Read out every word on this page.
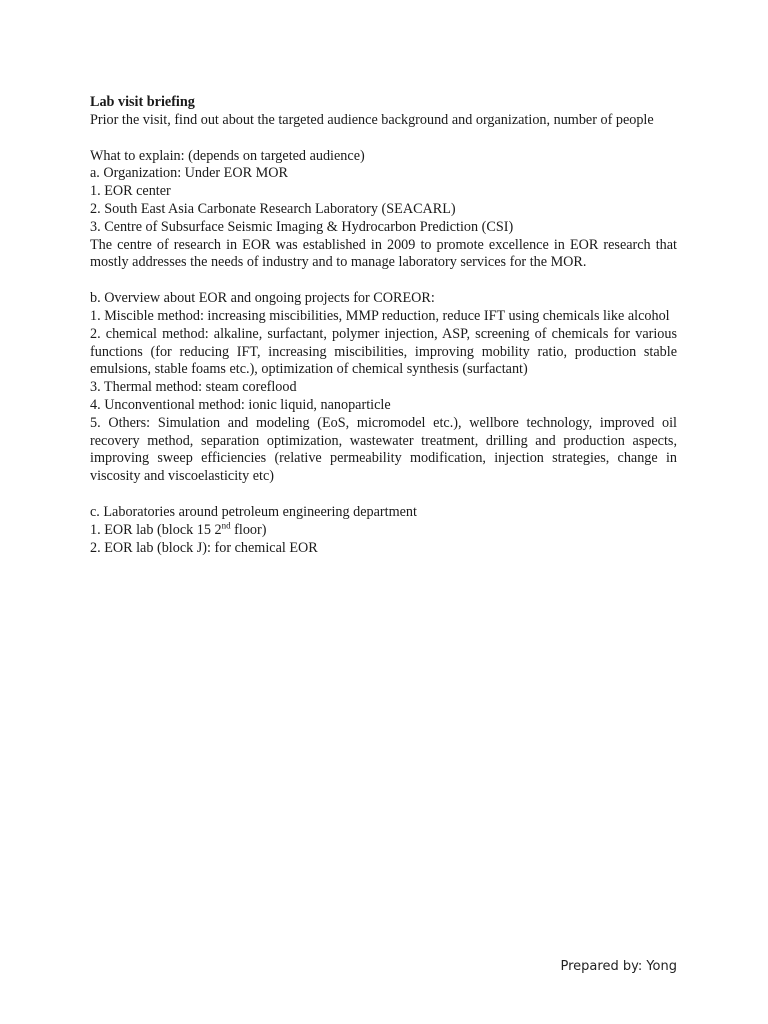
Lab visit briefing

Prior the visit, find out about the targeted audience background and organization, number of people

What to explain: (depends on targeted audience)

a. Organization: Under EOR MOR

1. EOR center

2. South East Asia Carbonate Research Laboratory (SEACARL)

3. Centre of Subsurface Seismic Imaging & Hydrocarbon Prediction (CSI)

The centre of research in EOR was established in 2009 to promote excellence in EOR research that mostly addresses the needs of industry and to manage laboratory services for the MOR.

b. Overview about EOR and ongoing projects for COREOR:

1. Miscible method: increasing miscibilities, MMP reduction, reduce IFT using chemicals like alcohol

2. chemical method: alkaline, surfactant, polymer injection, ASP, screening of chemicals for various functions (for reducing IFT, increasing miscibilities, improving mobility ratio, production stable emulsions, stable foams etc.), optimization of chemical synthesis (surfactant)

3. Thermal method: steam coreflood

4. Unconventional method: ionic liquid, nanoparticle

5. Others: Simulation and modeling (EoS, micromodel etc.), wellbore technology, improved oil recovery method, separation optimization, wastewater treatment, drilling and production aspects, improving sweep efficiencies (relative permeability modification, injection strategies, change in viscosity and viscoelasticity etc)

c. Laboratories around petroleum engineering department

1. EOR lab (block 15 2nd floor)

2. EOR lab (block J): for chemical EOR

Prepared by: Yong
